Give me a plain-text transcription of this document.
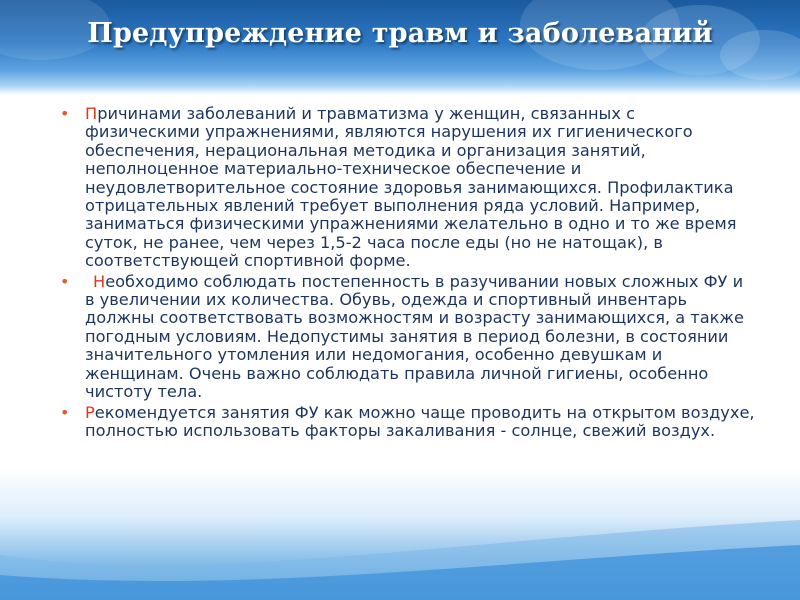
Предупреждение травм и заболеваний
• Причинами заболеваний и травматизма у женщин, связанных с физическими упражнениями, являются нарушения их гигиенического обеспечения, нерациональная методика и организация занятий, неполноценное материально-техническое обеспечение и неудовлетворительное состояние здоровья занимающихся. Профилактика отрицательных явлений требует выполнения ряда условий. Например, заниматься физическими упражнениями желательно в одно и то же время суток, не ранее, чем через 1,5-2 часа после еды (но не натощак), в соответствующей спортивной форме.
• Необходимо соблюдать постепенность в разучивании новых сложных ФУ и в увеличении их количества. Обувь, одежда и спортивный инвентарь должны соответствовать возможностям и возрасту занимающихся, а также погодным условиям. Недопустимы занятия в период болезни, в состоянии значительного утомления или недомогания, особенно девушкам и женщинам. Очень важно соблюдать правила личной гигиены, особенно чистоту тела.
• Рекомендуется занятия ФУ как можно чаще проводить на открытом воздухе, полностью использовать факторы закаливания - солнце, свежий воздух.
